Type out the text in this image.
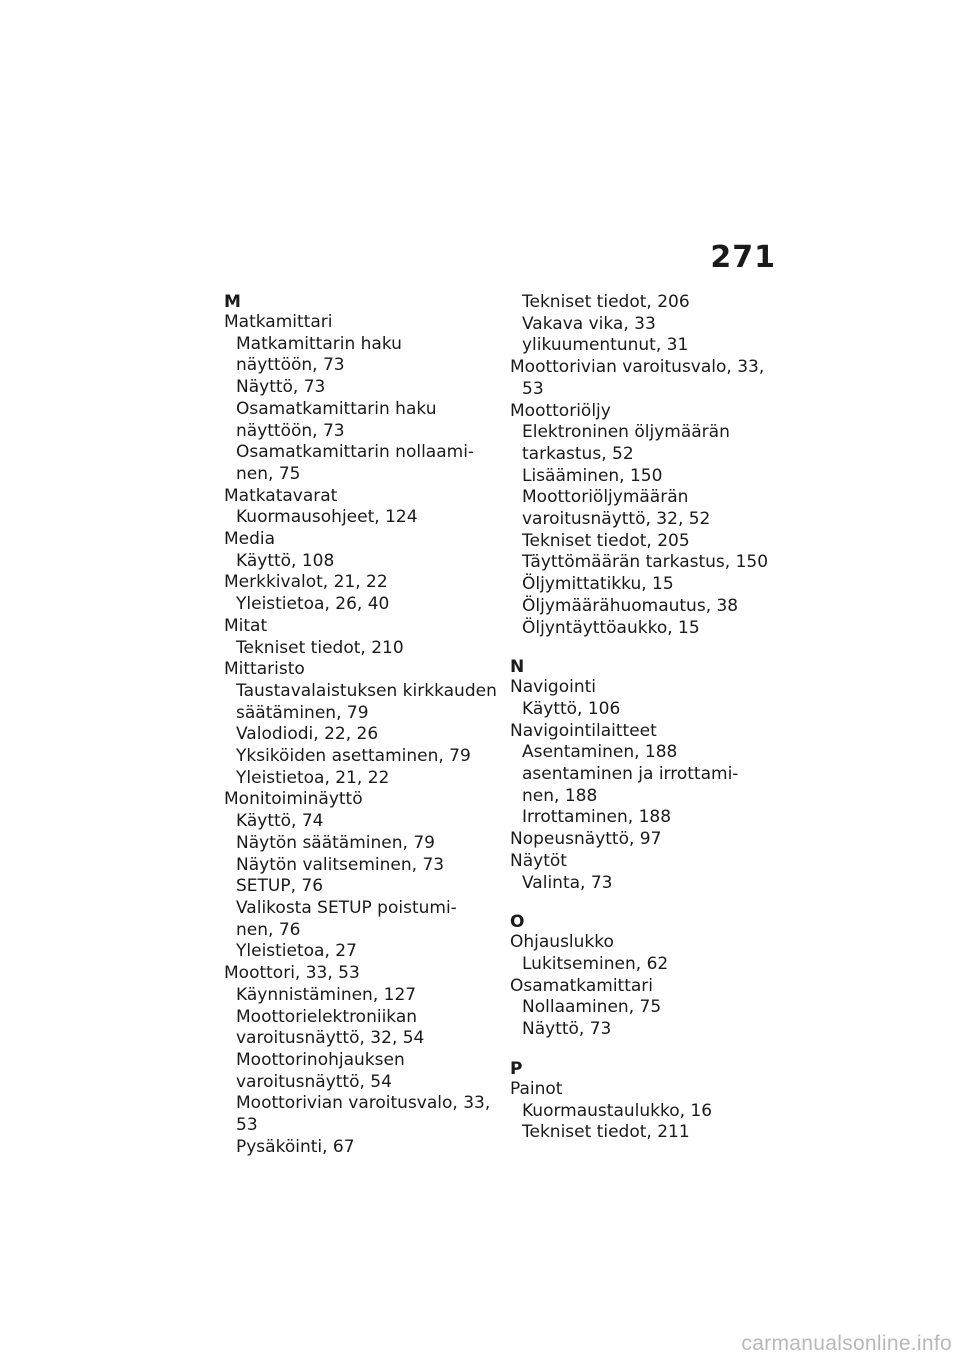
271
M
Matkamittari
Matkamittarin haku
näyttöön, 73
Näyttö, 73
Osamatkamittarin haku
näyttöön, 73
Osamatkamittarin nollaami-
nen, 75
Matkatavarat
Kuormausohjeet, 124
Media
Käyttö, 108
Merkkivalot, 21, 22
Yleistietoa, 26, 40
Mitat
Tekniset tiedot, 210
Mittaristo
Taustavalaistuksen kirkkauden
säätäminen, 79
Valodiodi, 22, 26
Yksiköiden asettaminen, 79
Yleistietoa, 21, 22
Monitoiminäyttö
Käyttö, 74
Näytön säätäminen, 79
Näytön valitseminen, 73
SETUP, 76
Valikosta SETUP poistumi-
nen, 76
Yleistietoa, 27
Moottori, 33, 53
Käynnistäminen, 127
Moottorielektroniikan
varoitusnäyttö, 32, 54
Moottorinohjauksen
varoitusnäyttö, 54
Moottorivian varoitusvalo, 33,
53
Pysäköinti, 67
Tekniset tiedot, 206
Vakava vika, 33
ylikuumentunut, 31
Moottorivian varoitusvalo, 33,
53
Moottoriöljy
Elektroninen öljymäärän
tarkastus, 52
Lisääminen, 150
Moottoriöljymäärän
varoitusnäyttö, 32, 52
Tekniset tiedot, 205
Täyttömäärän tarkastus, 150
Öljymittatikku, 15
Öljymäärähuomautus, 38
Öljyntäyttöaukko, 15
N
Navigointi
Käyttö, 106
Navigointilaitteet
Asentaminen, 188
asentaminen ja irrottami-
nen, 188
Irrottaminen, 188
Nopeusnäyttö, 97
Näytöt
Valinta, 73
O
Ohjauslukko
Lukitseminen, 62
Osamatkamittari
Nollaaminen, 75
Näyttö, 73
P
Painot
Kuormaustaulukko, 16
Tekniset tiedot, 211
carmanualsonline.info
